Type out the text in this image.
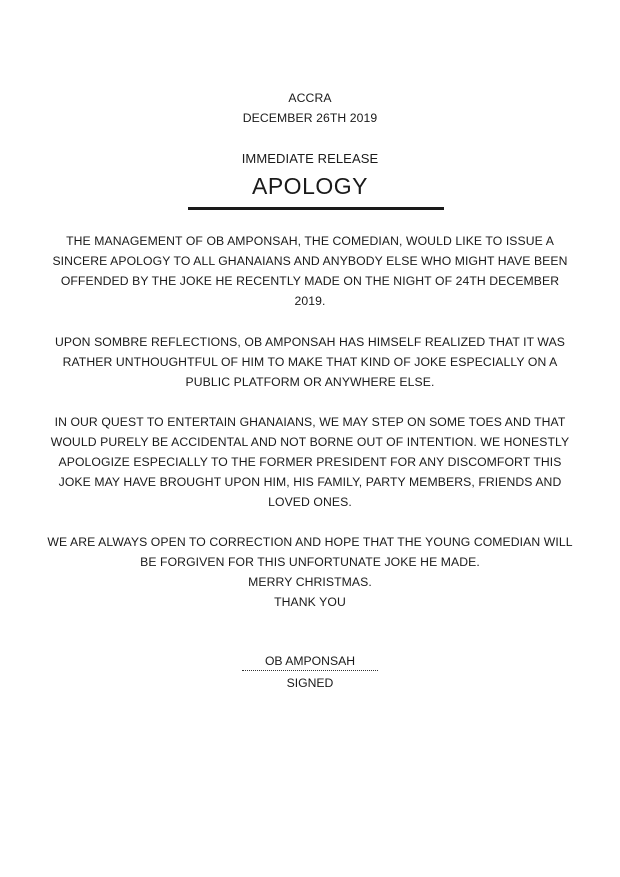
ACCRA
DECEMBER 26TH 2019
IMMEDIATE RELEASE
APOLOGY
THE MANAGEMENT OF OB AMPONSAH, THE COMEDIAN, WOULD LIKE TO ISSUE A
SINCERE APOLOGY TO ALL GHANAIANS AND ANYBODY ELSE WHO MIGHT HAVE BEEN
OFFENDED BY THE JOKE HE RECENTLY MADE ON THE NIGHT OF 24TH DECEMBER
2019.
UPON SOMBRE REFLECTIONS, OB AMPONSAH HAS HIMSELF REALIZED THAT IT WAS
RATHER UNTHOUGHTFUL OF HIM TO MAKE THAT KIND OF JOKE ESPECIALLY ON A
PUBLIC PLATFORM OR ANYWHERE ELSE.
IN OUR QUEST TO ENTERTAIN GHANAIANS, WE MAY STEP ON SOME TOES AND THAT
WOULD PURELY BE ACCIDENTAL AND NOT BORNE OUT OF INTENTION. WE HONESTLY
APOLOGIZE ESPECIALLY TO THE FORMER PRESIDENT FOR ANY DISCOMFORT THIS
JOKE MAY HAVE BROUGHT UPON HIM, HIS FAMILY, PARTY MEMBERS, FRIENDS AND
LOVED ONES.
WE ARE ALWAYS OPEN TO CORRECTION AND HOPE THAT THE YOUNG COMEDIAN WILL
BE FORGIVEN FOR THIS UNFORTUNATE JOKE HE MADE.
MERRY CHRISTMAS.
THANK YOU
OB AMPONSAH
SIGNED
